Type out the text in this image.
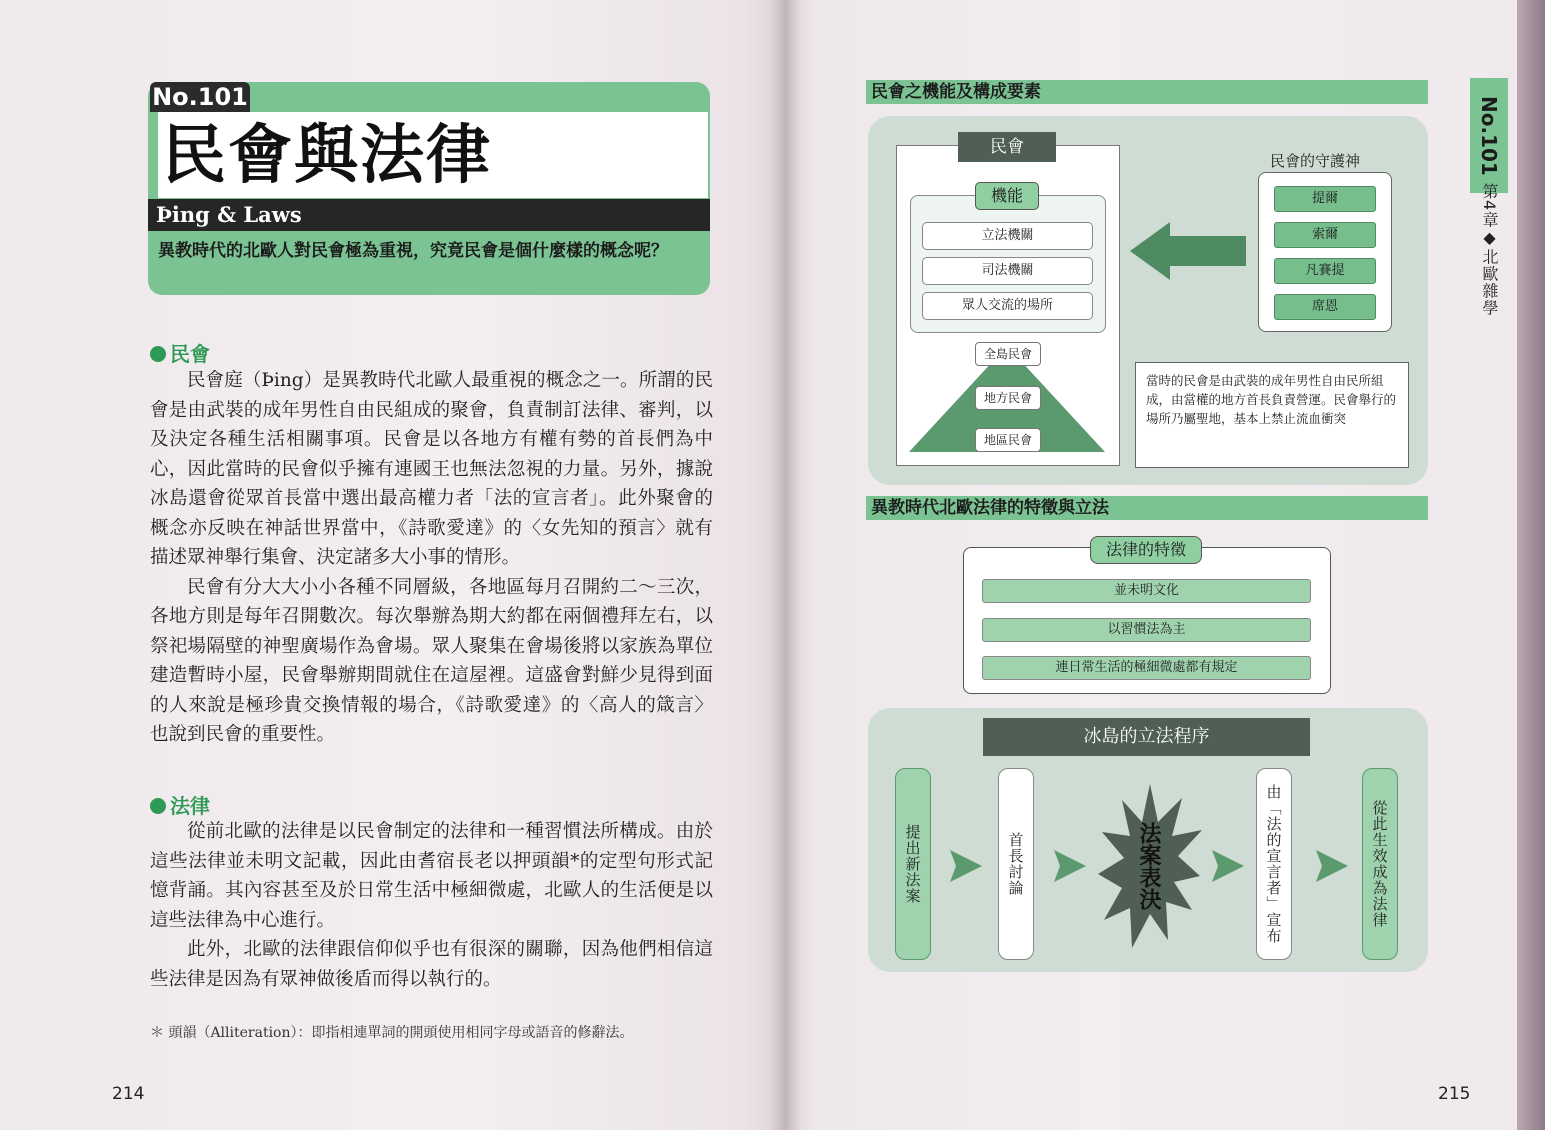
No.101
民會與法律
Þing & Laws
異教時代的北歐人對民會極為重視，究竟民會是個什麼樣的概念呢？
民會

民會庭（Þing）是異教時代北歐人最重視的概念之一。所謂的民會是由武裝的成年男性自由民組成的聚會，負責制訂法律、審判，以及決定各種生活相關事項。民會是以各地方有權有勢的首長們為中心，因此當時的民會似乎擁有連國王也無法忽視的力量。另外，據說冰島還會從眾首長當中選出最高權力者「法的宣言者」。此外聚會的概念亦反映在神話世界當中，《詩歌愛達》的〈女先知的預言〉就有描述眾神舉行集會、決定諸多大小事的情形。

民會有分大大小小各種不同層級，各地區每月召開約二～三次，各地方則是每年召開數次。每次舉辦為期大約都在兩個禮拜左右，以祭祀場隔壁的神聖廣場作為會場。眾人聚集在會場後將以家族為單位建造暫時小屋，民會舉辦期間就住在這屋裡。這盛會對鮮少見得到面的人來說是極珍貴交換情報的場合，《詩歌愛達》的〈高人的箴言〉也說到民會的重要性。

法律

從前北歐的法律是以民會制定的法律和一種習慣法所構成。由於這些法律並未明文記載，因此由耆宿長老以押頭韻*的定型句形式記憶背誦。其內容甚至及於日常生活中極細微處，北歐人的生活便是以這些法律為中心進行。

此外，北歐的法律跟信仰似乎也有很深的關聯，因為他們相信這些法律是因為有眾神做後盾而得以執行的。

＊ 頭韻（Alliteration）：即指相連單詞的開頭使用相同字母或語音的修辭法。
214
民會之機能及構成要素
民會
機能
立法機關
司法機關
眾人交流的場所
全島民會
地方民會
地區民會
民會的守護神
提爾
索爾
凡賽提
席恩
當時的民會是由武裝的成年男性自由民所組成，由當權的地方首長負責營運。民會舉行的場所乃屬聖地，基本上禁止流血衝突
異教時代北歐法律的特徵與立法
法律的特徵
並未明文化
以習慣法為主
連日常生活的極細微處都有規定
冰島的立法程序
提出新法案	首長討論	法案表決	由「法的宣言者」宣布	從此生效成為法律
No.101
第4章◆北歐雜學
215
